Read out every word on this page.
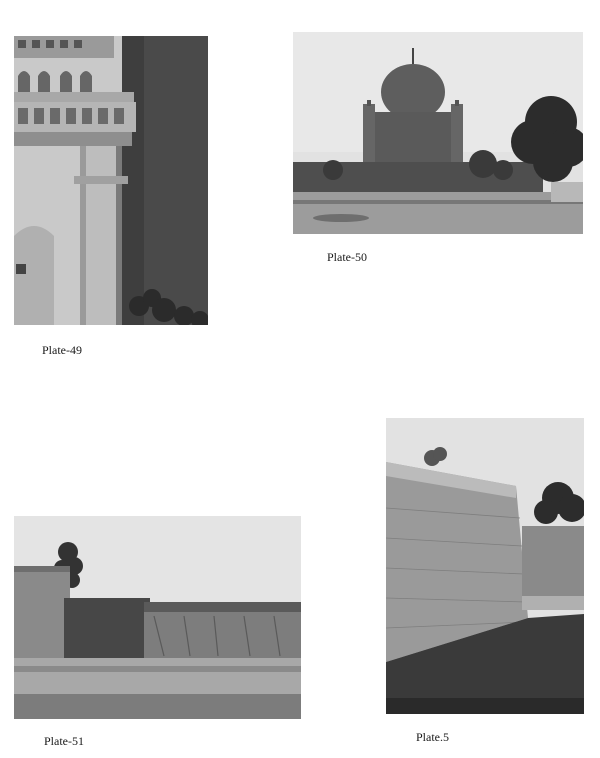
Plate-49
Plate-50
Plate-51	Plate.5
